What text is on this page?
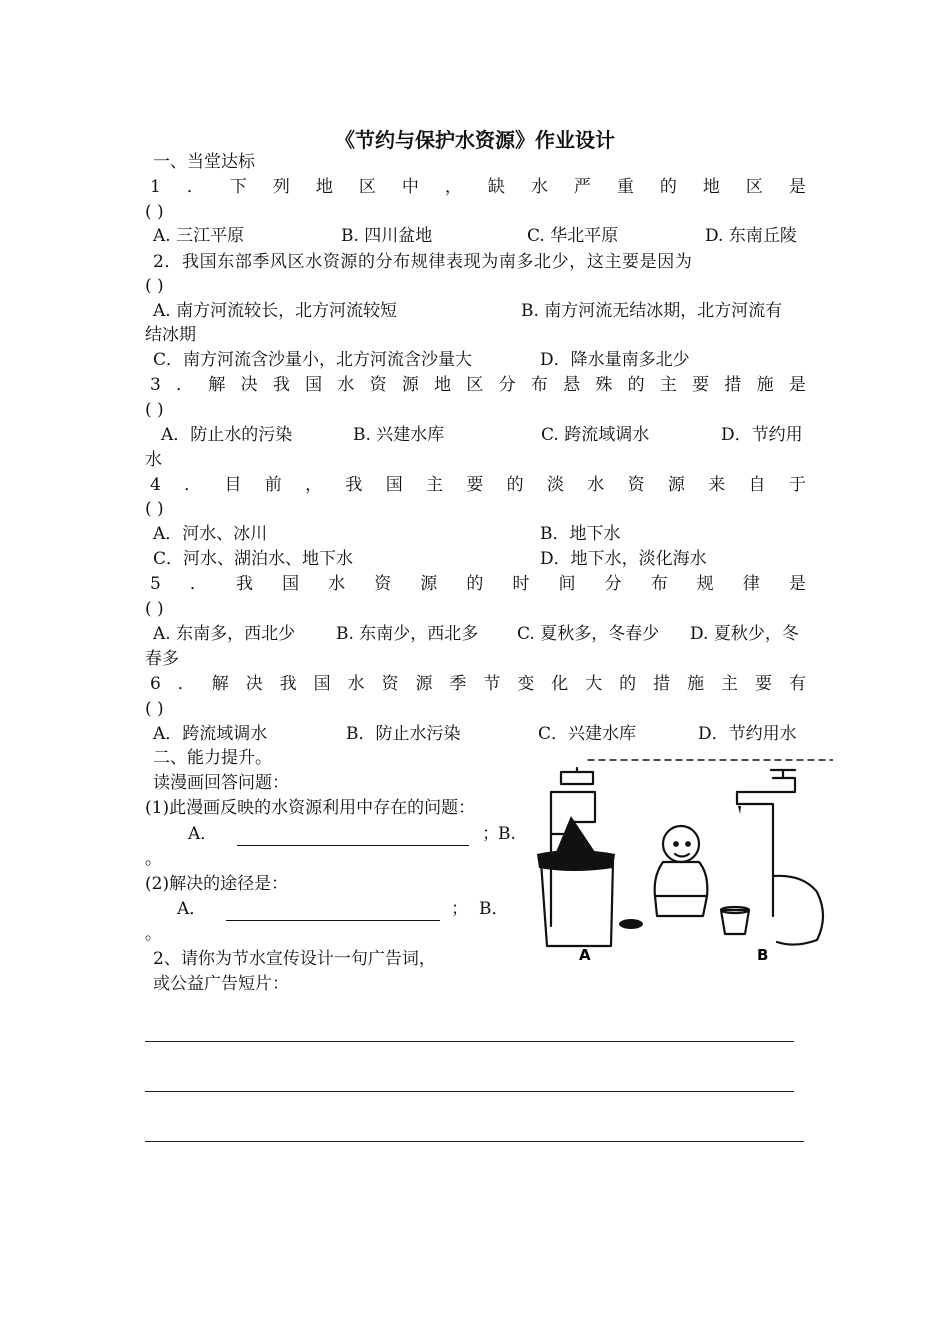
《节约与保护水资源》作业设计
一、当堂达标
1 ． 下 列 地 区 中 ， 缺 水 严 重 的 地 区 是
( )
A. 三江平原	B. 四川盆地	C. 华北平原	D. 东南丘陵
2．我国东部季风区水资源的分布规律表现为南多北少，这主要是因为
( )
A. 南方河流较长，北方河流较短	B. 南方河流无结冰期，北方河流有
结冰期
C．南方河流含沙量小，北方河流含沙量大	D．降水量南多北少
3 ． 解 决 我 国 水 资 源 地 区 分 布 悬 殊 的 主 要 措 施 是
( )
A．防止水的污染	B. 兴建水库	C. 跨流域调水	D．节约用
水
4 ． 目 前 ， 我 国 主 要 的 淡 水 资 源 来 自 于
( )
A．河水、冰川	B．地下水
C．河水、湖泊水、地下水	D．地下水，淡化海水
5 ． 我 国 水 资 源 的 时 间 分 布 规 律 是
( )
A. 东南多，西北少 B. 东南少，西北多 C. 夏秋多，冬春少 D. 夏秋少，冬
春多
6 ． 解 决 我 国 水 资 源 季 节 变 化 大 的 措 施 主 要 有
( )
A．跨流域调水	B．防止水污染	C．兴建水库	D．节约用水
二、能力提升。
读漫画回答问题：
(1)此漫画反映的水资源利用中存在的问题：
A．	；
B.
。
(2)解决的途径是：
A．	； B．
。
2、请你为节水宣传设计一句广告词，
或公益广告短片：
A	B
